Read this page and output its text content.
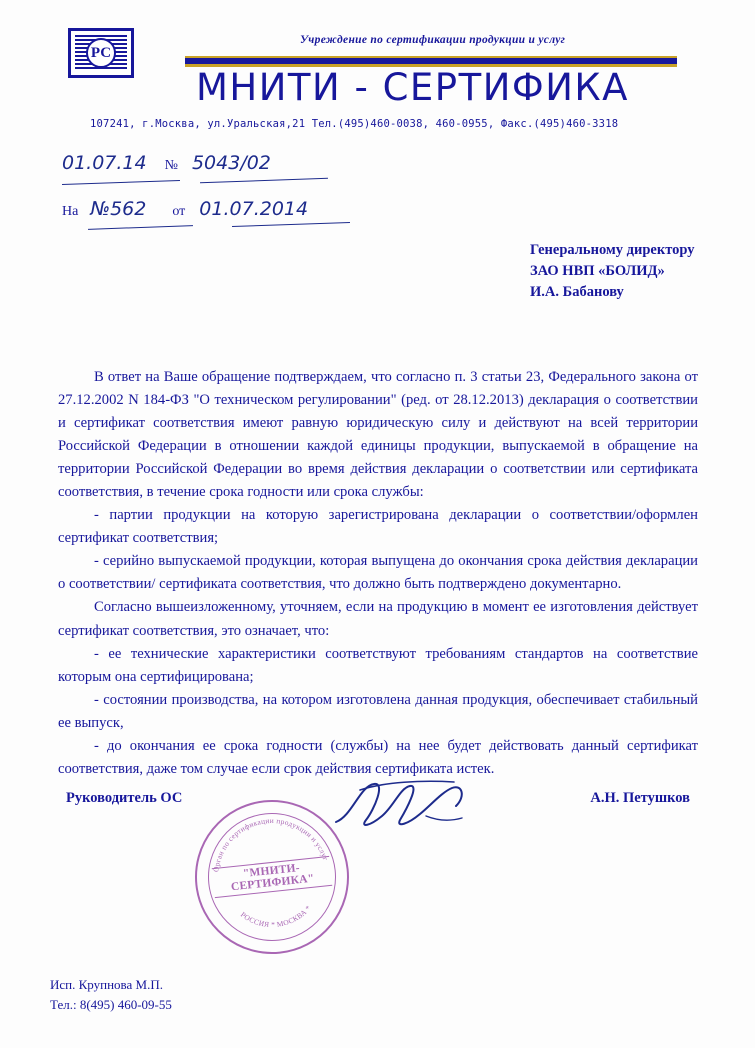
РС
Учреждение по сертификации продукции и услуг
МНИТИ - СЕРТИФИКА
107241, г.Москва, ул.Уральская,21 Тел.(495)460-0038, 460-0955, Факс.(495)460-3318
01.07.14 № 5043/02
На №562 от 01.07.2014
Генеральному директору
ЗАО НВП «БОЛИД»
И.А. Бабанову

В ответ на Ваше обращение подтверждаем, что согласно п. 3 статьи 23, Федерального закона от 27.12.2002 N 184-ФЗ "О техническом регулировании" (ред. от 28.12.2013) декларация о соответствии и сертификат соответствия имеют равную юридическую силу и действуют на всей территории Российской Федерации в отношении каждой единицы продукции, выпускаемой в обращение на территории Российской Федерации во время действия декларации о соответствии или сертификата соответствия, в течение срока годности или срока службы:

- партии продукции на которую зарегистрирована декларации о соответствии/оформлен сертификат соответствия;

- серийно выпускаемой продукции, которая выпущена до окончания срока действия декларации о соответствии/ сертификата соответствия, что должно быть подтверждено документарно.

Согласно вышеизложенному, уточняем, если на продукцию в момент ее изготовления действует сертификат соответствия, это означает, что:

- ее технические характеристики соответствуют требованиям стандартов на соответствие которым она сертифицирована;

- состоянии производства, на котором изготовлена данная продукция, обеспечивает стабильный ее выпуск,

- до окончания ее срока годности (службы) на нее будет действовать данный сертификат соответствия, даже том случае если срок действия сертификата истек.

Руководитель ОС	А.Н. Петушков
Орган по сертификации продукции и услуг
РОССИЯ * МОСКВА *
"МНИТИ-СЕРТИФИКА"
Исп. Крупнова М.П.
Тел.: 8(495) 460-09-55
